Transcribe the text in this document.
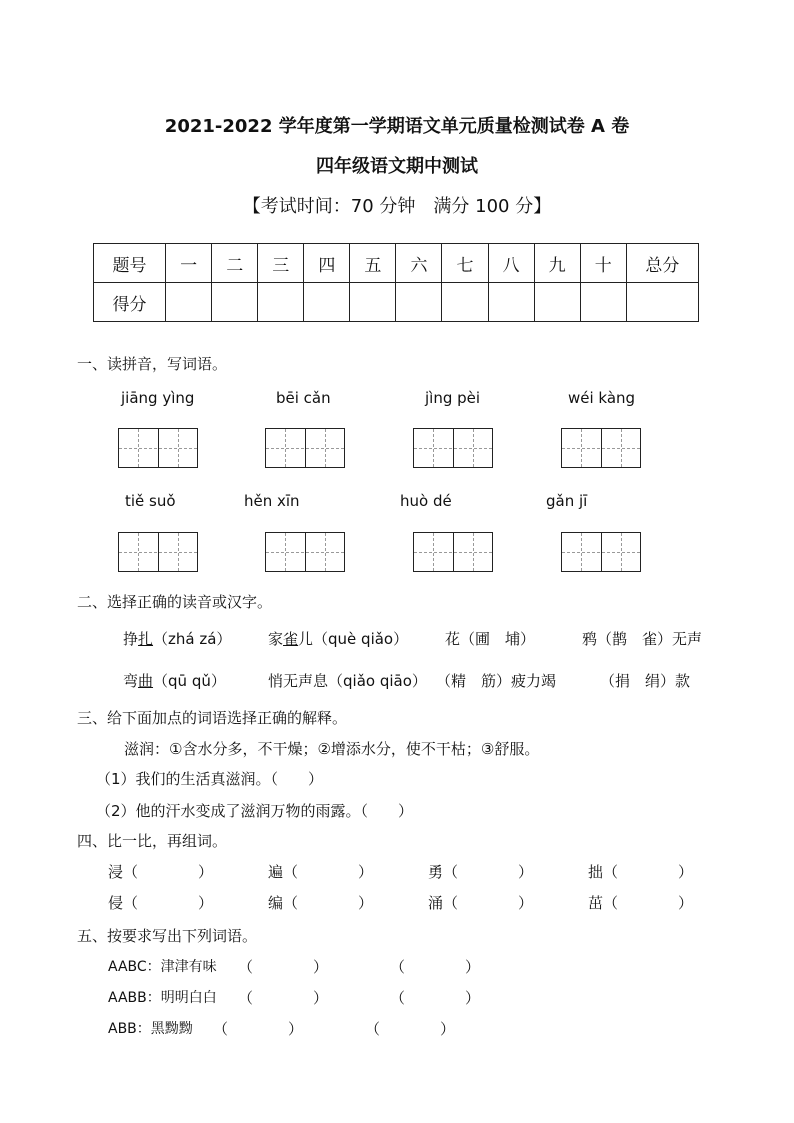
2021-2022 学年度第一学期语文单元质量检测试卷 A 卷
四年级语文期中测试
【考试时间：70 分钟　满分 100 分】
题号	一	二	三	四	五	六	七	八	九	十	总分
得分											
一、读拼音，写词语。
jiāng yìng	bēi cǎn	jìng pèi	wéi kàng
tiě suǒ	hěn xīn	huò dé	gǎn jī
二、选择正确的读音或汉字。
挣扎（zhá zá） 家雀儿（què qiǎo） 花（圃　埔）	鸦（鹊　雀）无声
弯曲（qū qǔ）	悄无声息（qiǎo qiāo） （精　筋）疲力竭	（捐　绢）款
三、给下面加点的词语选择正确的解释。
滋润：①含水分多，不干燥；②增添水分，使不干枯；③舒服。
（1）我们的生活真滋润。（　　）
（2）他的汗水变成了滋润万物的雨露。（　　）
四、比一比，再组词。
浸（　　　　）	遍（　　　　）	勇（　　　　）	拙（　　　　）
侵（　　　　）	编（　　　　）	涌（　　　　）	茁（　　　　）
五、按要求写出下列词语。
AABC：津津有味 （　　　　）	（　　　　）
AABB：明明白白 （　　　　）	（　　　　）
ABB：黑黝黝 （　　　　）	（　　　　）
